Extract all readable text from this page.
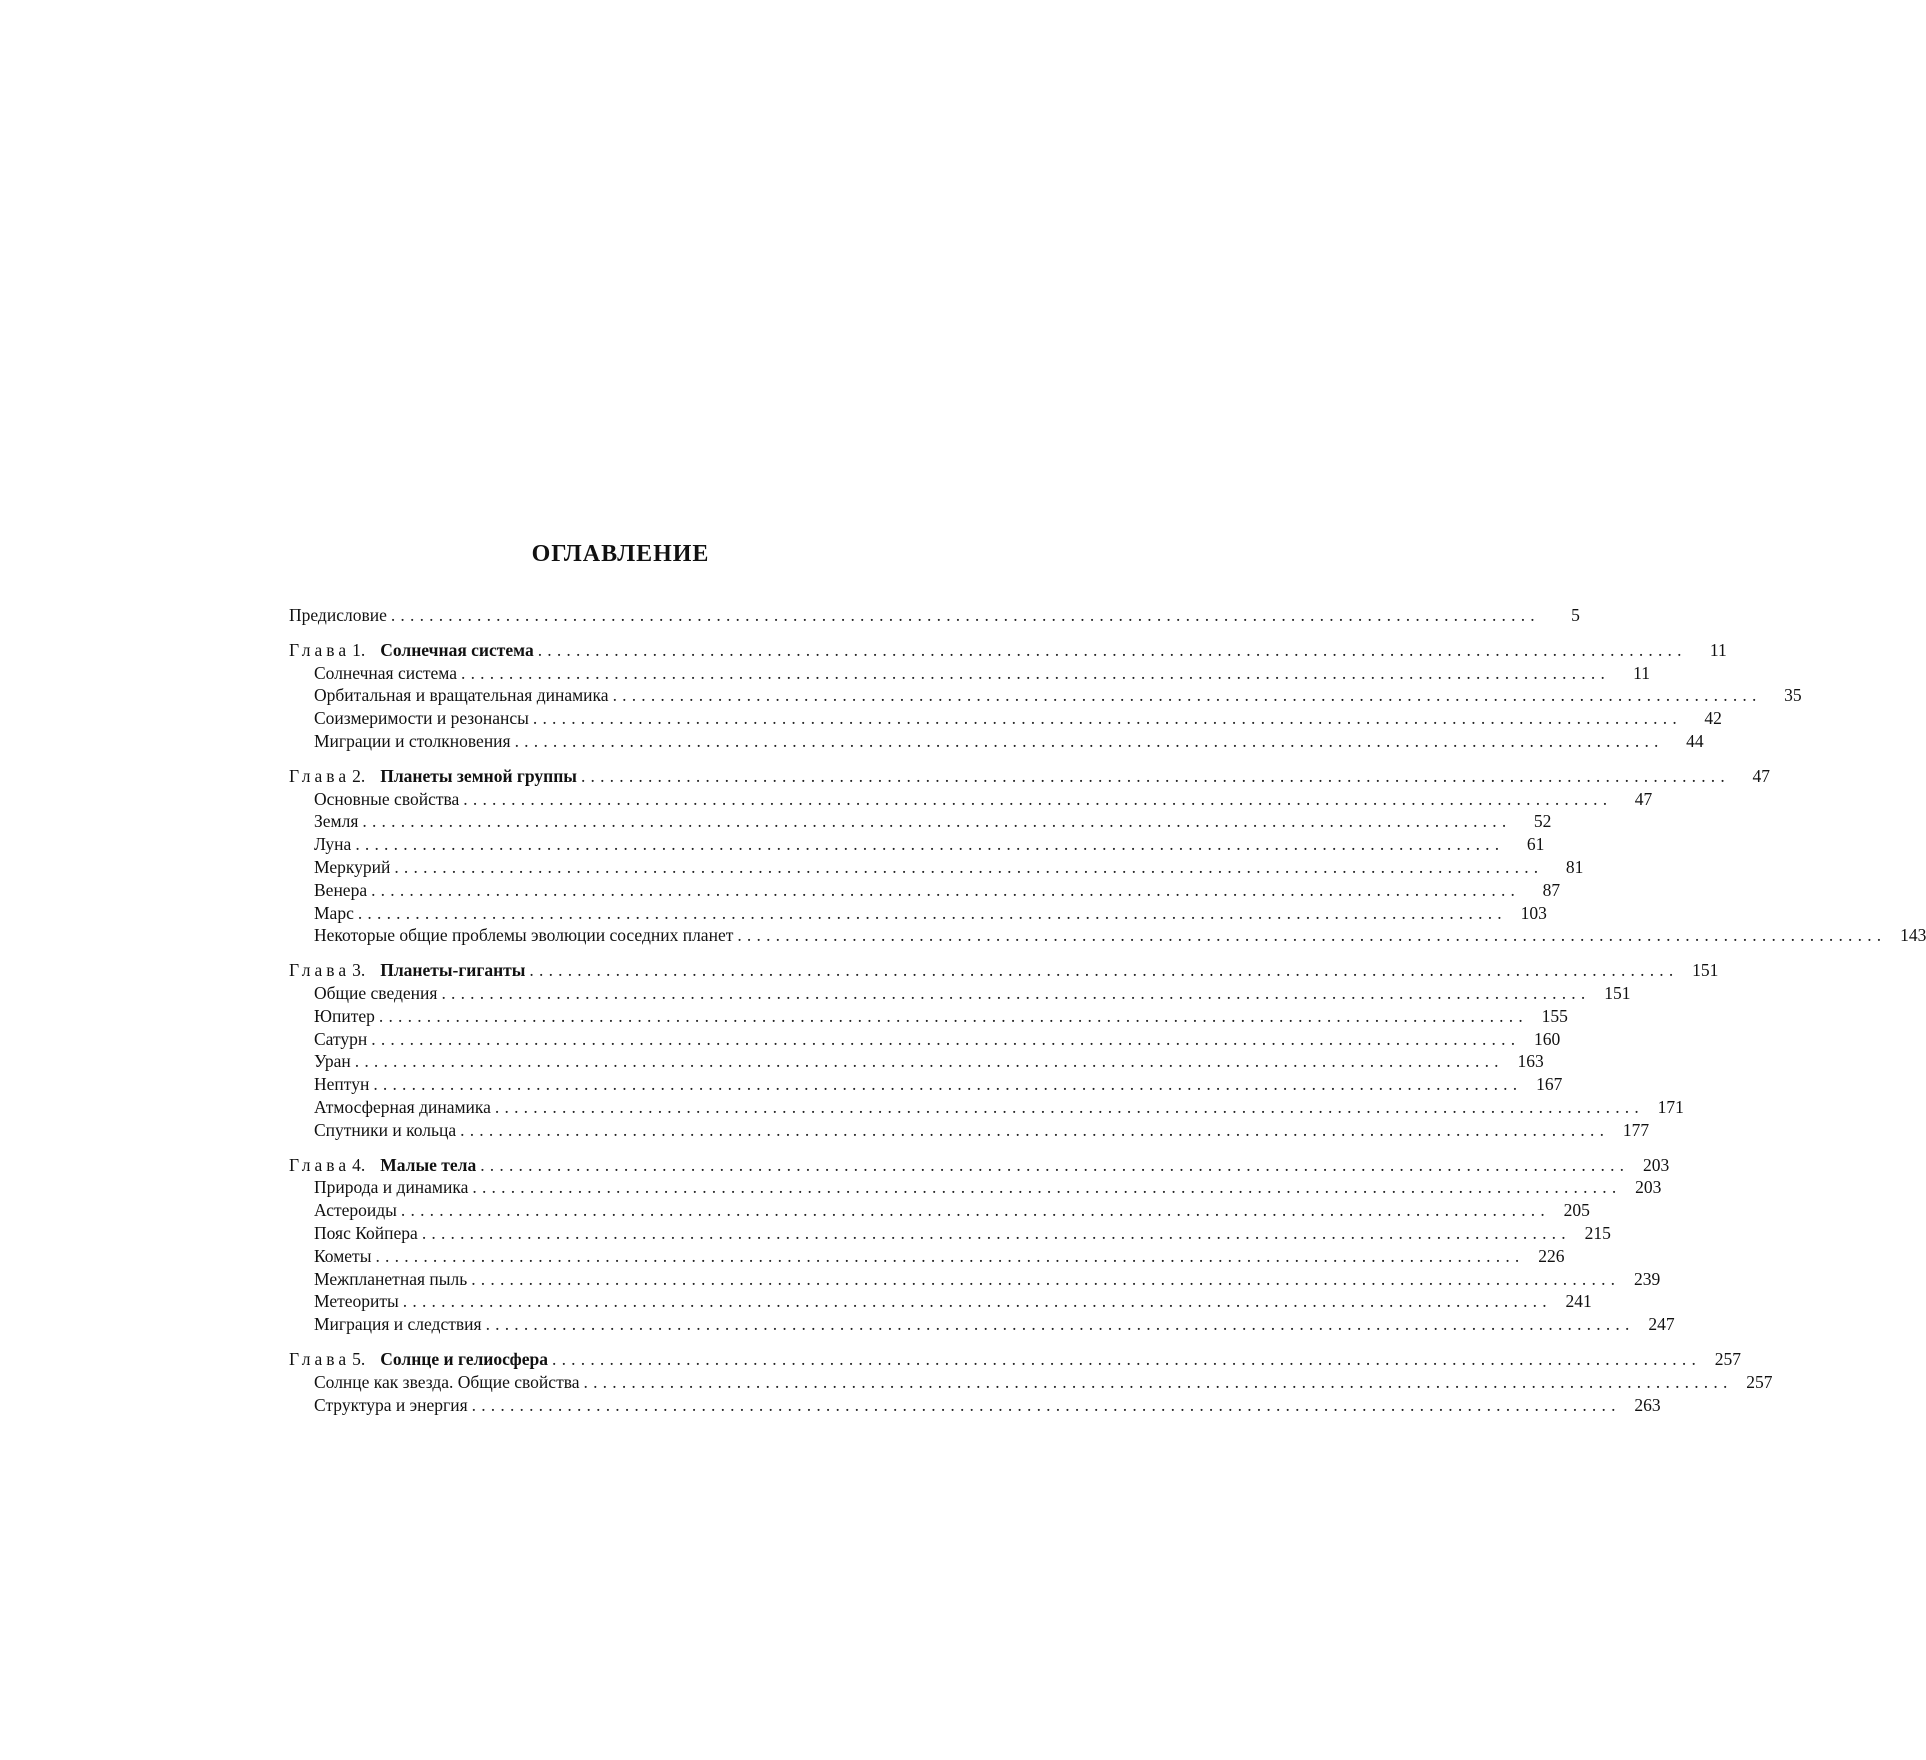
ОГЛАВЛЕНИЕ
Предисловие ........................................................................................................................	5
Глава 1. Солнечная система ........................................................................................................................	11
Солнечная система ........................................................................................................................	11
Орбитальная и вращательная динамика ........................................................................................................................	35
Соизмеримости и резонансы ........................................................................................................................	42
Миграции и столкновения ........................................................................................................................	44
Глава 2. Планеты земной группы ........................................................................................................................	47
Основные свойства ........................................................................................................................	47
Земля ........................................................................................................................	52
Луна ........................................................................................................................	61
Меркурий ........................................................................................................................	81
Венера ........................................................................................................................	87
Марс ........................................................................................................................ 103
Некоторые общие проблемы эволюции соседних планет ........................................................................................................................ 143
Глава 3. Планеты-гиганты ........................................................................................................................ 151
Общие сведения ........................................................................................................................ 151
Юпитер ........................................................................................................................ 155
Сатурн ........................................................................................................................ 160
Уран ........................................................................................................................ 163
Нептун ........................................................................................................................ 167
Атмосферная динамика ........................................................................................................................ 171
Спутники и кольца ........................................................................................................................ 177
Глава 4. Малые тела ........................................................................................................................ 203
Природа и динамика ........................................................................................................................ 203
Астероиды ........................................................................................................................ 205
Пояс Койпера ........................................................................................................................ 215
Кометы ........................................................................................................................ 226
Межпланетная пыль ........................................................................................................................ 239
Метеориты ........................................................................................................................ 241
Миграция и следствия ........................................................................................................................ 247
Глава 5. Солнце и гелиосфера ........................................................................................................................ 257
Солнце как звезда. Общие свойства ........................................................................................................................ 257
Структура и энергия ........................................................................................................................ 263
